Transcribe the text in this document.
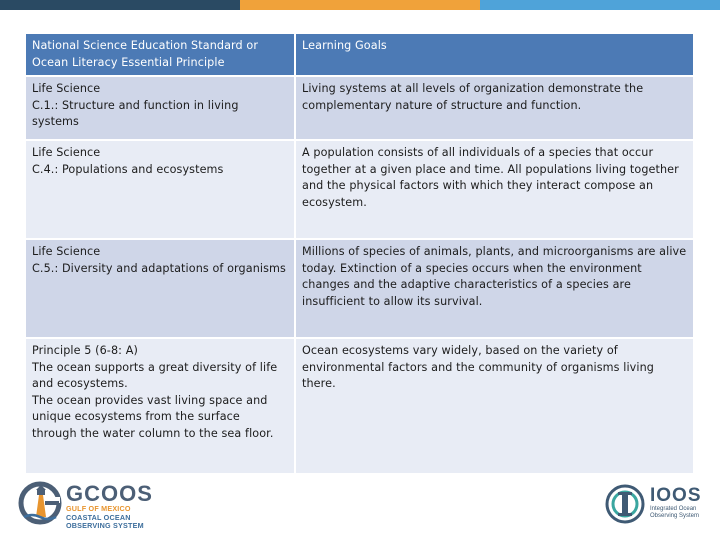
National Science Education Standard or Ocean Literacy Essential Principle	Learning Goals

Life Science
C.1.: Structure and function in living systems	Living systems at all levels of organization demonstrate the complementary nature of structure and function.

Life Science
C.4.: Populations and ecosystems	A population consists of all individuals of a species that occur together at a given place and time. All populations living together and the physical factors with which they interact compose an ecosystem.

Life Science
C.5.: Diversity and adaptations of organisms	Millions of species of animals, plants, and microorganisms are alive today. Extinction of a species occurs when the environment changes and the adaptive characteristics of a species are insufficient to allow its survival.

Principle 5 (6-8: A)
The ocean supports a great diversity of life and ecosystems.
The ocean provides vast living space and unique ecosystems from the surface through the water column to the sea floor.	Ocean ecosystems vary widely, based on the variety of environmental factors and the community of organisms living there.
GCOOS
GULF OF MEXICO
COASTAL OCEAN
OBSERVING SYSTEM
IOOS
Integrated Ocean
Observing System
